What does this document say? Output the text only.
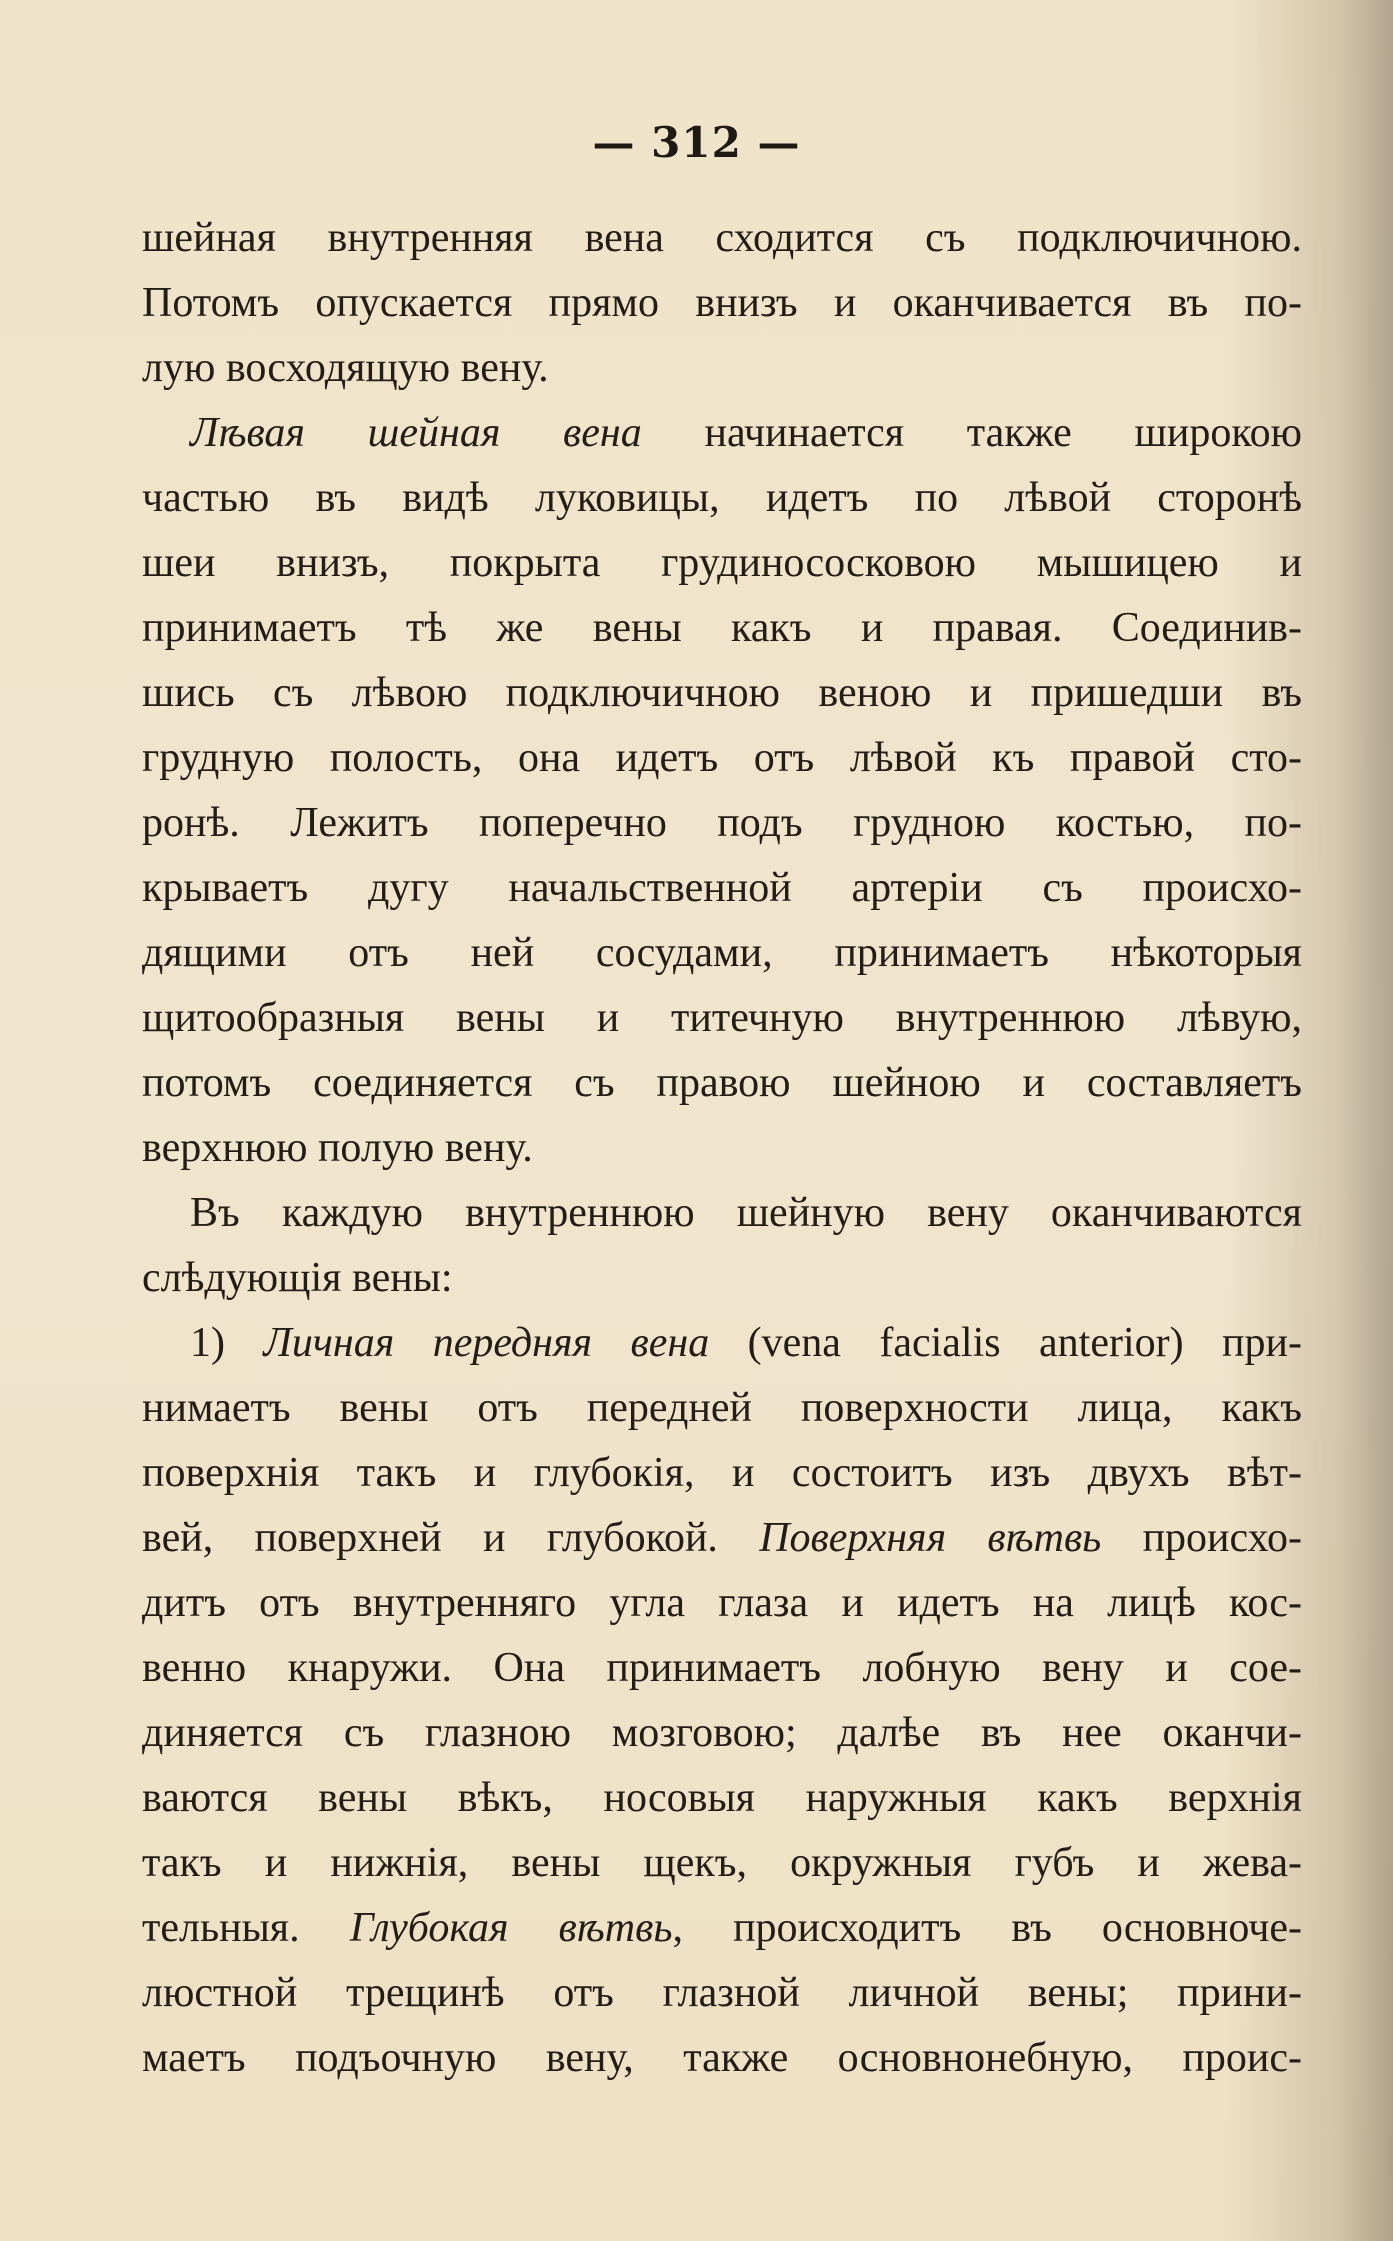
— 312 —
шейная внутренняя вена сходится съ подключичною.
Потомъ опускается прямо внизъ и оканчивается въ по-
лую восходящую вену.
Лѣвая шейная вена начинается также широкою
частью въ видѣ луковицы, идетъ по лѣвой сторонѣ
шеи внизъ, покрыта грудинососковою мышицею и
принимаетъ тѣ же вены какъ и правая. Соединив-
шись съ лѣвою подключичною веною и пришедши въ
грудную полость, она идетъ отъ лѣвой къ правой сто-
ронѣ. Лежитъ поперечно подъ грудною костью, по-
крываетъ дугу начальственной артеріи съ происхо-
дящими отъ ней сосудами, принимаетъ нѣкоторыя
щитообразныя вены и титечную внутреннюю лѣвую,
потомъ соединяется съ правою шейною и составляетъ
верхнюю полую вену.
Въ каждую внутреннюю шейную вену оканчиваются
слѣдующія вены:
1) Личная передняя вена (vena facialis anterior) при-
нимаетъ вены отъ передней поверхности лица, какъ
поверхнія такъ и глубокія, и состоитъ изъ двухъ вѣт-
вей, поверхней и глубокой. Поверхняя вѣтвь происхо-
дитъ отъ внутренняго угла глаза и идетъ на лицѣ кос-
венно кнаружи. Она принимаетъ лобную вену и сое-
диняется съ глазною мозговою; далѣе въ нее оканчи-
ваются вены вѣкъ, носовыя наружныя какъ верхнія
такъ и нижнія, вены щекъ, окружныя губъ и жева-
тельныя. Глубокая вѣтвь, происходитъ въ основноче-
люстной трещинѣ отъ глазной личной вены; прини-
маетъ подъочную вену, также основнонебную, проис-
